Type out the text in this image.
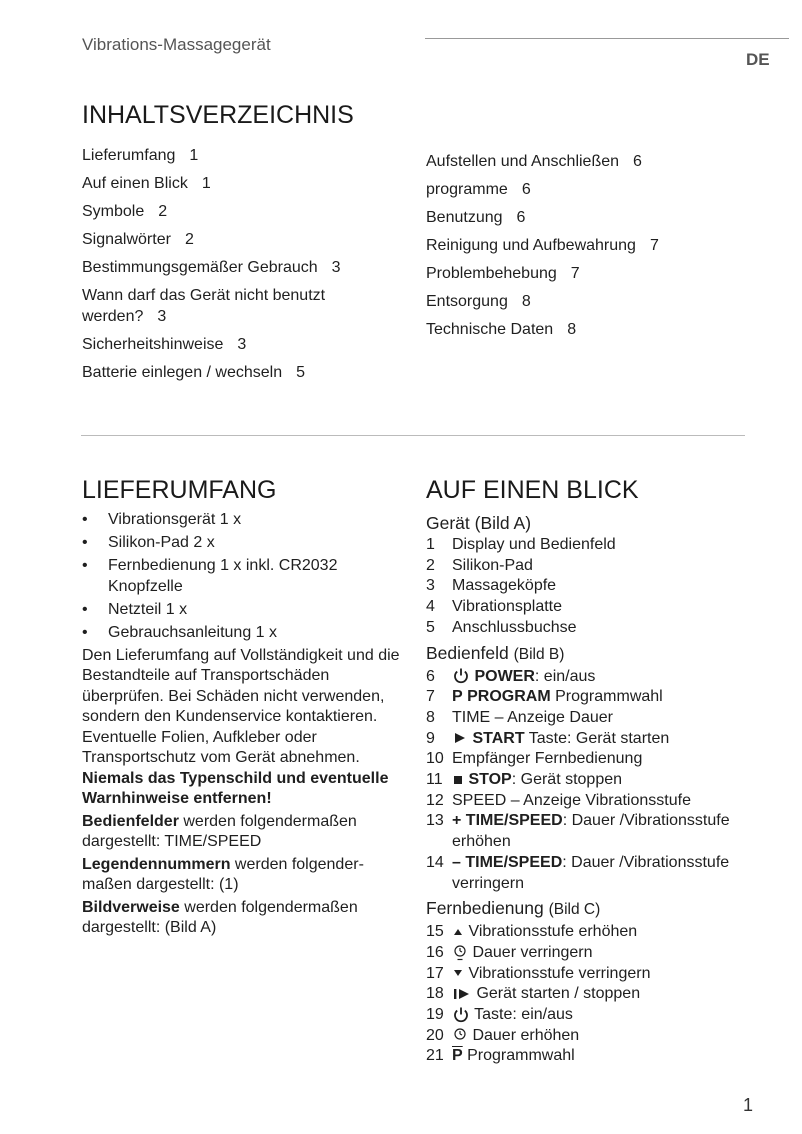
Vibrations-Massagegerät
DE
INHALTSVERZEICHNIS
Lieferumfang 1
Auf einen Blick 1
Symbole 2
Signalwörter 2
Bestimmungsgemäßer Gebrauch 3
Wann darf das Gerät nicht benutzt werden? 3
Sicherheitshinweise 3
Batterie einlegen / wechseln 5
Aufstellen und Anschließen 6
programme 6
Benutzung 6
Reinigung und Aufbewahrung 7
Problembehebung 7
Entsorgung 8
Technische Daten 8
LIEFERUMFANG
• Vibrationsgerät 1 x
• Silikon-Pad 2 x
• Fernbedienung 1 x inkl. CR2032 Knopfzelle
• Netzteil 1 x
• Gebrauchsanleitung 1 x

Den Lieferumfang auf Vollständigkeit und die Bestandteile auf Transportschäden überprüfen. Bei Schäden nicht verwenden, sondern den Kundenservice kontaktieren.

Eventuelle Folien, Aufkleber oder Transportschutz vom Gerät abnehmen.

Niemals das Typenschild und eventuelle Warnhinweise entfernen!

Bedienfelder werden folgendermaßen dargestellt: TIME/SPEED

Legendennummern werden folgendermaßen dargestellt: (1)

Bildverweise werden folgendermaßen dargestellt: (Bild A)

AUF EINEN BLICK
Gerät (Bild A)
1 Display und Bedienfeld
2 Silikon-Pad
3 Massageköpfe
4 Vibrationsplatte
5 Anschlussbuchse
Bedienfeld (Bild B)
6 POWER: ein/aus
7 P PROGRAM Programmwahl
8 TIME – Anzeige Dauer
9 START Taste: Gerät starten
10 Empfänger Fernbedienung
11 STOP: Gerät stoppen
12 SPEED – Anzeige Vibrationsstufe
13 + TIME/SPEED: Dauer /Vibrationsstufe erhöhen
14 – TIME/SPEED: Dauer /Vibrationsstufe verringern
Fernbedienung (Bild C)
15 Vibrationsstufe erhöhen
16 Dauer verringern
17 Vibrationsstufe verringern
18 Gerät starten / stoppen
19 Taste: ein/aus
20 Dauer erhöhen
21 $\overline{P}$ Programmwahl
1
